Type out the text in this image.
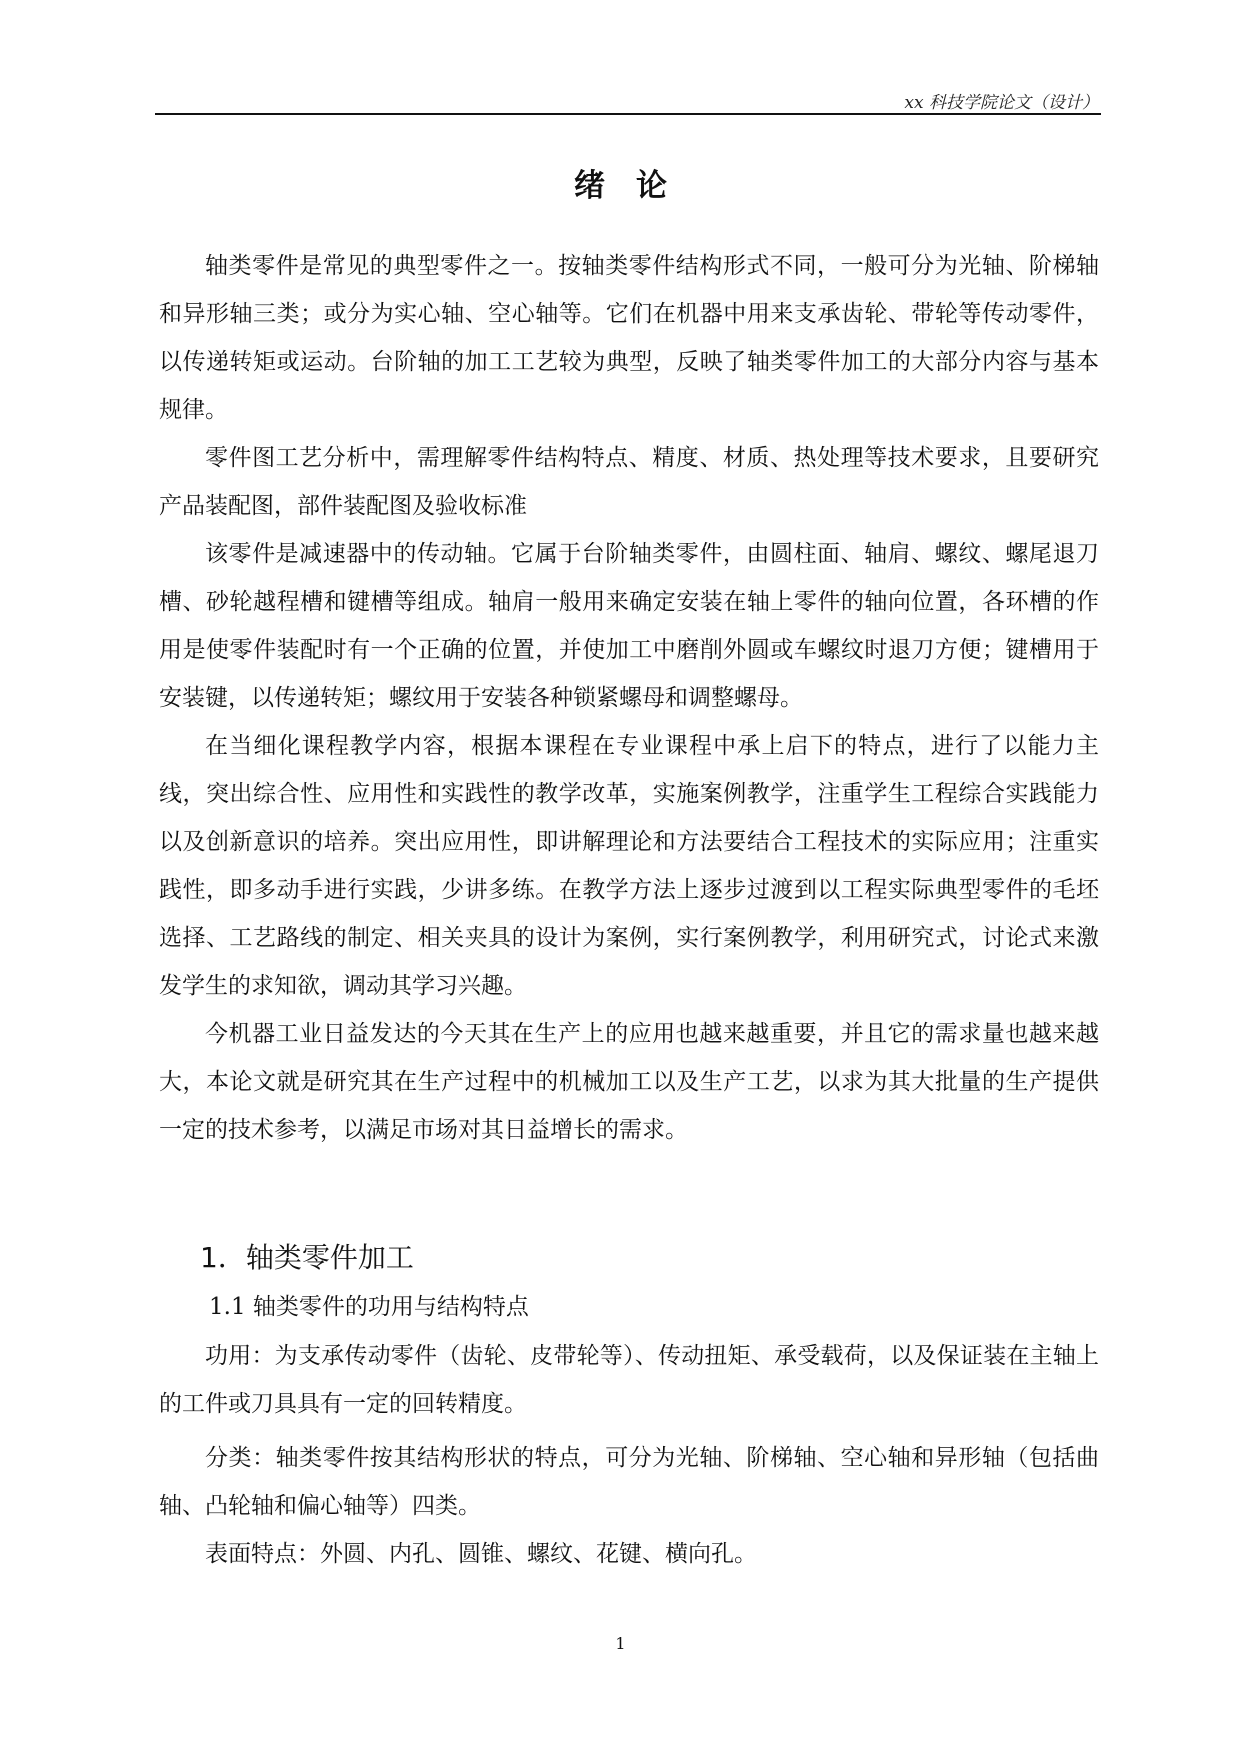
xx 科技学院论文（设计）
绪　论

轴类零件是常见的典型零件之一。按轴类零件结构形式不同，一般可分为光轴、阶梯轴和异形轴三类；或分为实心轴、空心轴等。它们在机器中用来支承齿轮、带轮等传动零件，以传递转矩或运动。台阶轴的加工工艺较为典型，反映了轴类零件加工的大部分内容与基本规律。

零件图工艺分析中，需理解零件结构特点、精度、材质、热处理等技术要求，且要研究产品装配图，部件装配图及验收标准

该零件是减速器中的传动轴。它属于台阶轴类零件，由圆柱面、轴肩、螺纹、螺尾退刀槽、砂轮越程槽和键槽等组成。轴肩一般用来确定安装在轴上零件的轴向位置，各环槽的作用是使零件装配时有一个正确的位置，并使加工中磨削外圆或车螺纹时退刀方便；键槽用于安装键，以传递转矩；螺纹用于安装各种锁紧螺母和调整螺母。

在当细化课程教学内容，根据本课程在专业课程中承上启下的特点，进行了以能力主线，突出综合性、应用性和实践性的教学改革，实施案例教学，注重学生工程综合实践能力以及创新意识的培养。突出应用性，即讲解理论和方法要结合工程技术的实际应用；注重实践性，即多动手进行实践，少讲多练。在教学方法上逐步过渡到以工程实际典型零件的毛坯选择、工艺路线的制定、相关夹具的设计为案例，实行案例教学，利用研究式，讨论式来激发学生的求知欲，调动其学习兴趣。

今机器工业日益发达的今天其在生产上的应用也越来越重要，并且它的需求量也越来越大，本论文就是研究其在生产过程中的机械加工以及生产工艺，以求为其大批量的生产提供一定的技术参考，以满足市场对其日益增长的需求。

1．轴类零件加工
1.1 轴类零件的功用与结构特点

功用：为支承传动零件（齿轮、皮带轮等）、传动扭矩、承受载荷，以及保证装在主轴上的工件或刀具具有一定的回转精度。

分类：轴类零件按其结构形状的特点，可分为光轴、阶梯轴、空心轴和异形轴（包括曲轴、凸轮轴和偏心轴等）四类。

表面特点：外圆、内孔、圆锥、螺纹、花键、横向孔。

1
